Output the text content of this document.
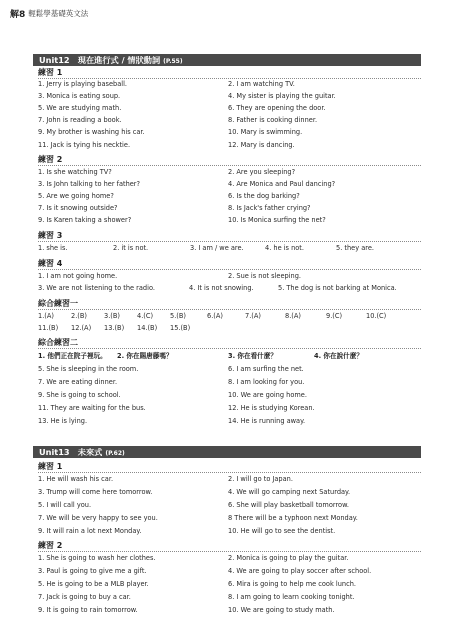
解8 輕鬆學基礎英文法
Unit12　現在進行式 / 情狀動詞 (P.55)
練習 1
1. Jerry is playing baseball.	2. I am watching TV.
3. Monica is eating soup.	4. My sister is playing the guitar.
5. We are studying math.	6. They are opening the door.
7. John is reading a book.	8. Father is cooking dinner.
9. My brother is washing his car.	10. Mary is swimming.
11. Jack is tying his necktie.	12. Mary is dancing.
練習 2
1. Is she watching TV?	2. Are you sleeping?
3. Is John talking to her father?	4. Are Monica and Paul dancing?
5. Are we going home?	6. Is the dog barking?
7. Is it snowing outside?	8. Is Jack's father crying?
9. Is Karen taking a shower?	10. Is Monica surfing the net?
練習 3
1. she is.	2. it is not.	3. I am / we are.	4. he is not.	5. they are.
練習 4
1. I am not going home.	2. Sue is not sleeping.
3. We are not listening to the radio.	4. It is not snowing.	5. The dog is not barking at Monica.
綜合練習一
1.(A)	2.(B)	3.(B)	4.(C)	5.(B)	6.(A)	7.(A)	8.(A)	9.(C)	10.(C)
11.(B) 12.(A) 13.(B) 14.(B) 15.(B)
綜合練習二
1. 他們正在院子裡玩。 2. 你在賜唐藤嗎？	3. 你在看什麼？	4. 你在說什麼？
5. She is sleeping in the room.	6. I am surfing the net.
7. We are eating dinner.	8. I am looking for you.
9. She is going to school.	10. We are going home.
11. They are waiting for the bus.	12. He is studying Korean.
13. He is lying.	14. He is running away.
Unit13　未來式 (P.62)
練習 1
1. He will wash his car.	2. I will go to Japan.
3. Trump will come here tomorrow.	4. We will go camping next Saturday.
5. I will call you.	6. She will play basketball tomorrow.
7. We will be very happy to see you.	8 There will be a typhoon next Monday.
9. It will rain a lot next Monday.	10. He will go to see the dentist.
練習 2
1. She is going to wash her clothes.	2. Monica is going to play the guitar.
3. Paul is going to give me a gift.	4. We are going to play soccer after school.
5. He is going to be a MLB player.	6. Mira is going to help me cook lunch.
7. Jack is going to buy a car.	8. I am going to learn cooking tonight.
9. It is going to rain tomorrow.	10. We are going to study math.
